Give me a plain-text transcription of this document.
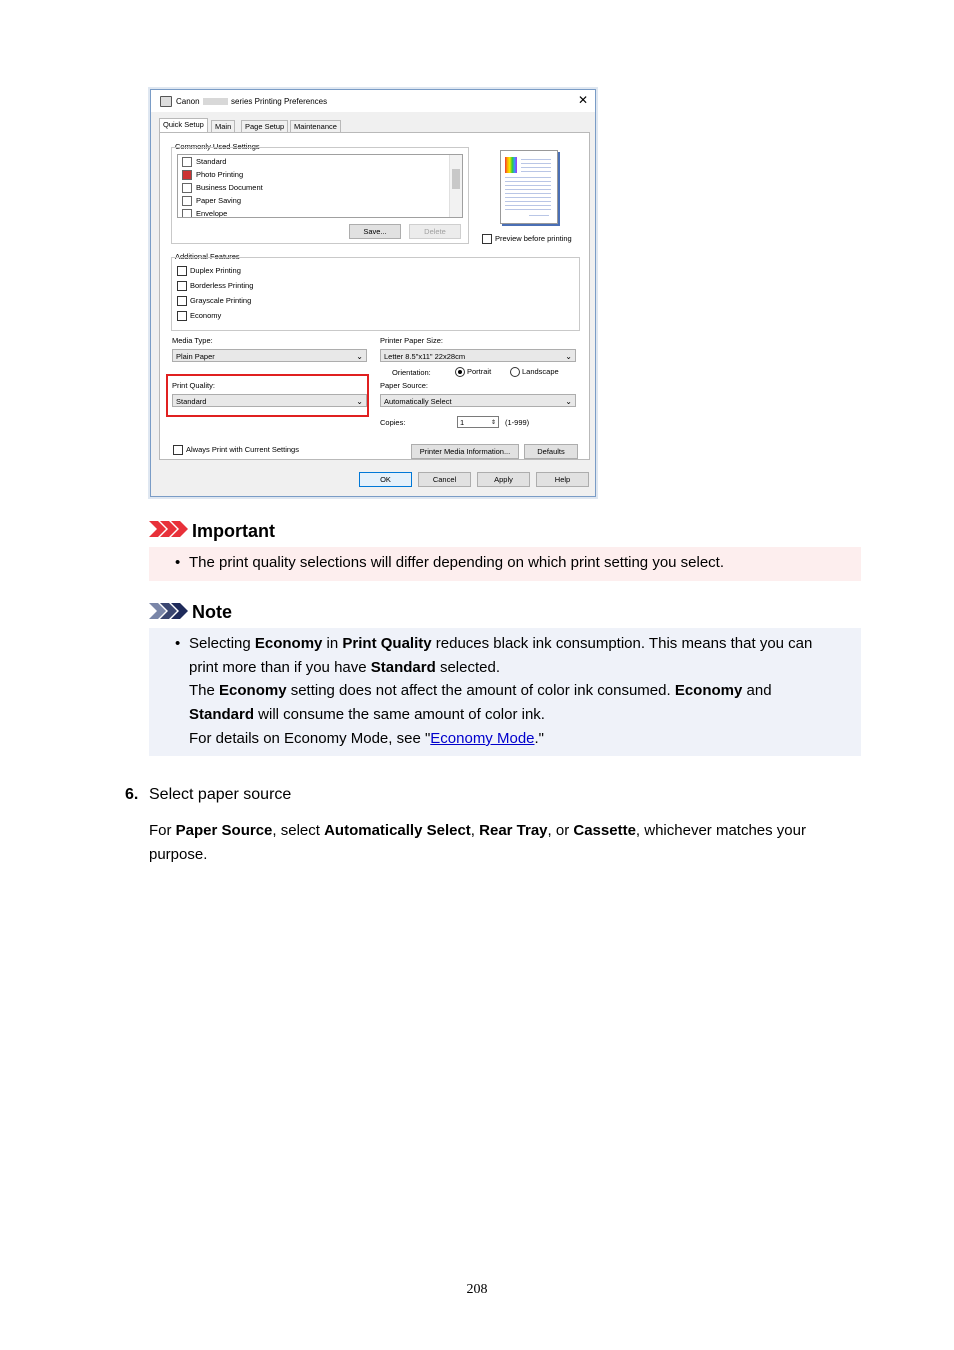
Canon	series Printing Preferences	✕
Quick Setup	Main	Page Setup	Maintenance
Commonly Used Settings
Standard
Photo Printing
Business Document
Paper Saving
Envelope
Save...	Delete
Preview before printing
Additional Features
Duplex Printing
Borderless Printing
Grayscale Printing
Economy
Media Type:
Plain Paper	⌄
Printer Paper Size:
Letter 8.5"x11" 22x28cm	⌄
Orientation:	Portrait	Landscape
Print Quality:
Standard	⌄
Paper Source:
Automatically Select	⌄
Copies:	1	⇕ (1-999)
Always Print with Current Settings	Printer Media Information...	Defaults
OK	Cancel	Apply	Help
Important
• The print quality selections will differ depending on which print setting you select.
Note
• Selecting Economy in Print Quality reduces black ink consumption. This means that you can
print more than if you have Standard selected.
The Economy setting does not affect the amount of color ink consumed. Economy and
Standard will consume the same amount of color ink.
For details on Economy Mode, see "Economy Mode."
6. Select paper source
For Paper Source, select Automatically Select, Rear Tray, or Cassette, whichever matches your
purpose.
208
